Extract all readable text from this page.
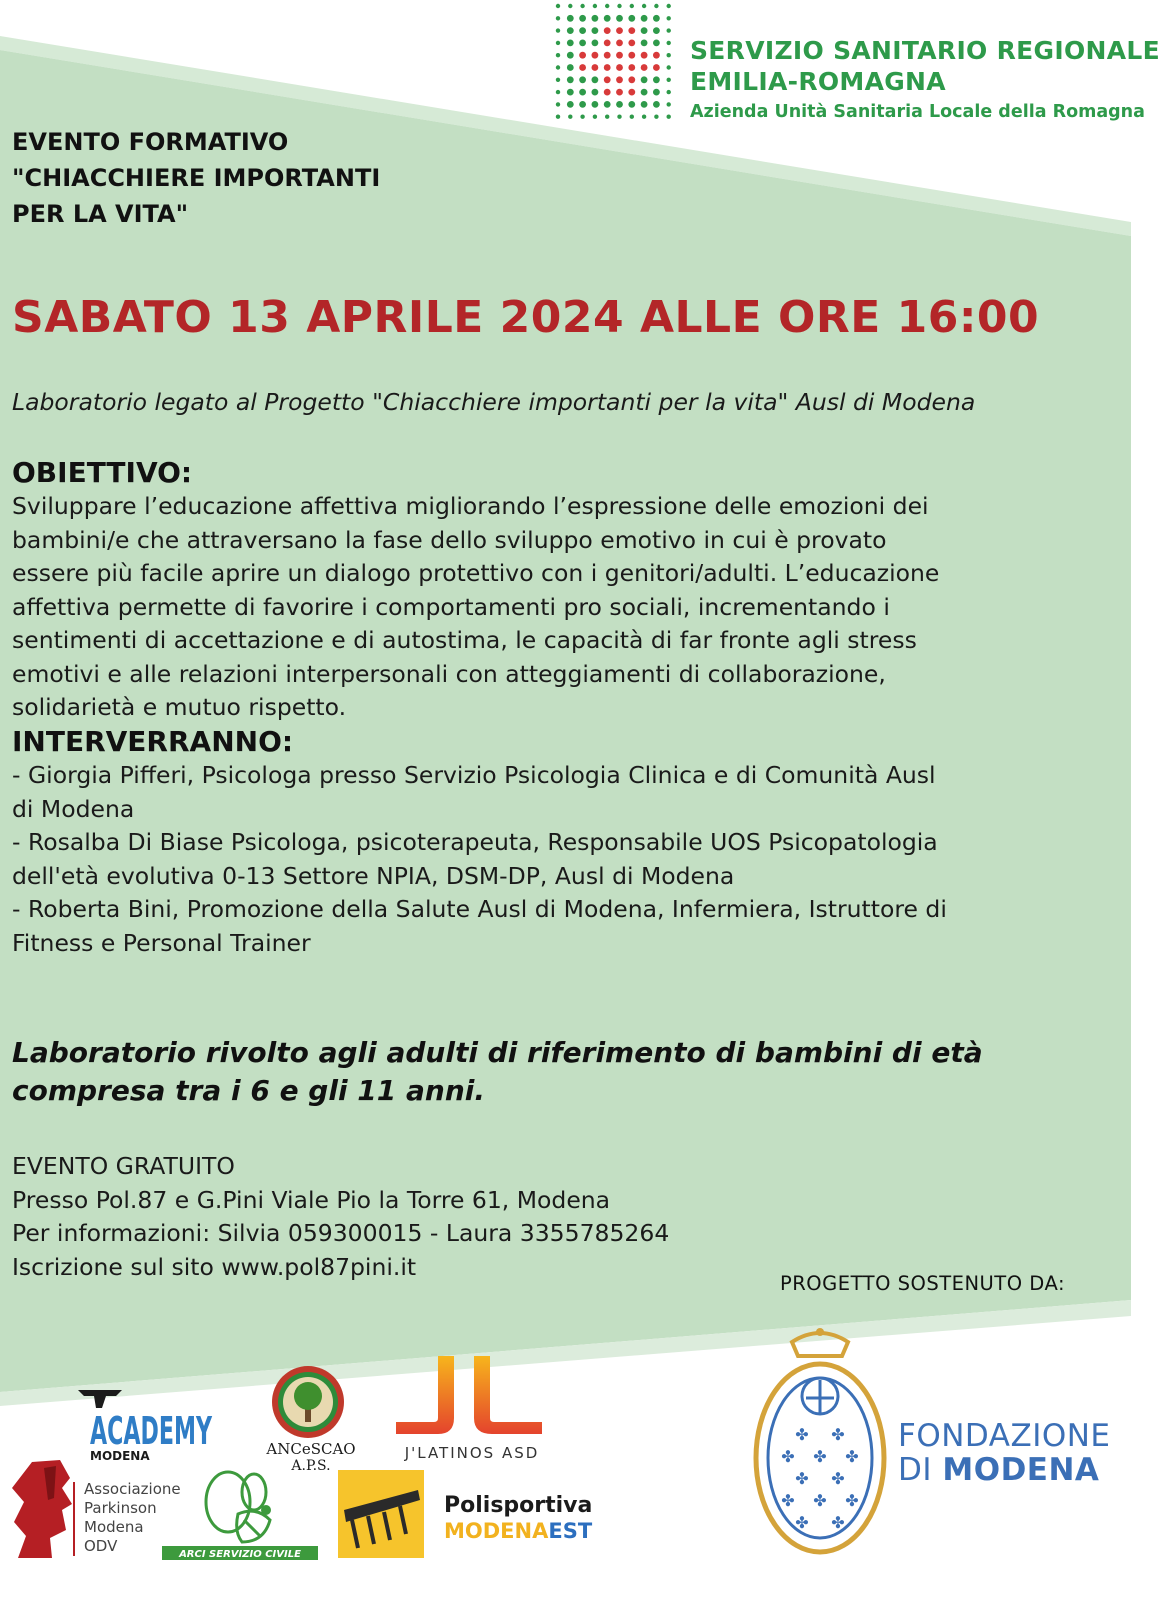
SERVIZIO SANITARIO REGIONALE
EMILIA-ROMAGNA
Azienda Unità Sanitaria Locale della Romagna
EVENTO FORMATIVO
"CHIACCHIERE IMPORTANTI
PER LA VITA"
SABATO 13 APRILE 2024 ALLE ORE 16:00
Laboratorio legato al Progetto "Chiacchiere importanti per la vita" Ausl di Modena
OBIETTIVO:
Sviluppare l’educazione affettiva migliorando l’espressione delle emozioni dei
bambini/e che attraversano la fase dello sviluppo emotivo in cui è provato
essere più facile aprire un dialogo protettivo con i genitori/adulti. L’educazione
affettiva permette di favorire i comportamenti pro sociali, incrementando i
sentimenti di accettazione e di autostima, le capacità di far fronte agli stress
emotivi e alle relazioni interpersonali con atteggiamenti di collaborazione,
solidarietà e mutuo rispetto.
INTERVERRANNO:
- Giorgia Pifferi, Psicologa presso Servizio Psicologia Clinica e di Comunità Ausl
di Modena
- Rosalba Di Biase Psicologa, psicoterapeuta, Responsabile UOS Psicopatologia
dell'età evolutiva 0-13 Settore NPIA, DSM-DP, Ausl di Modena
- Roberta Bini, Promozione della Salute Ausl di Modena, Infermiera, Istruttore di
Fitness e Personal Trainer
Laboratorio rivolto agli adulti di riferimento di bambini di età
compresa tra i 6 e gli 11 anni.
EVENTO GRATUITO
Presso Pol.87 e G.Pini Viale Pio la Torre 61, Modena
Per informazioni: Silvia 059300015 - Laura 3355785264
Iscrizione sul sito www.pol87pini.it
PROGETTO SOSTENUTO DA:
ACADEMY
MODENA	ANCeSCAO
A.P.S.
J'LATINOS ASD
Associazione
Parkinson
Modena
ODV	ARCI SERVIZIO CIVILE
Polisportiva
MODENAEST
✤ ✤
✤ ✤ ✤
✤ ✤
✤ ✤ ✤
✤ ✤
FONDAZIONE
DI MODENA
